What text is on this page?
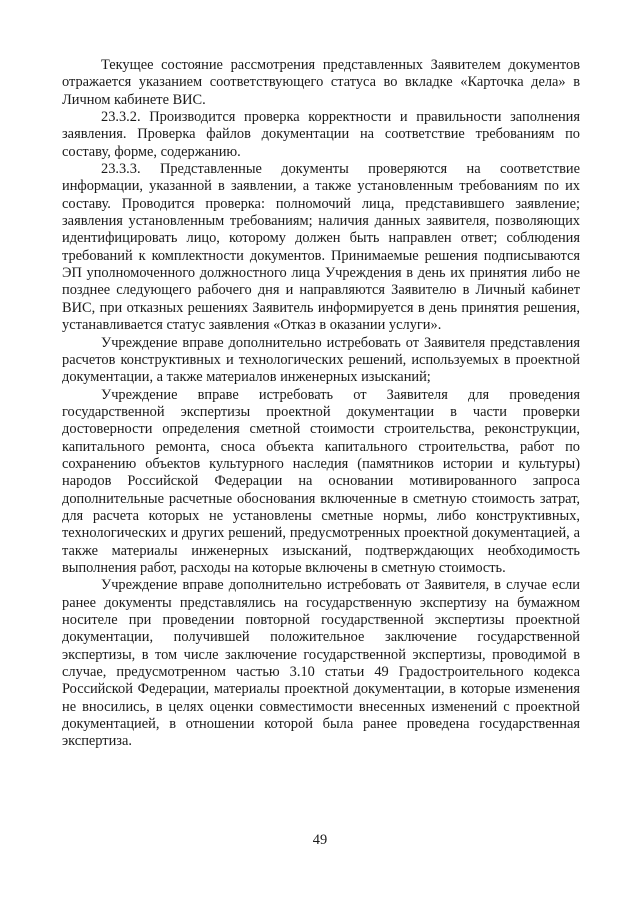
Текущее состояние рассмотрения представленных Заявителем документов отражается указанием соответствующего статуса во вкладке «Карточка дела» в Личном кабинете ВИС.

23.3.2. Производится проверка корректности и правильности заполнения заявления. Проверка файлов документации на соответствие требованиям по составу, форме, содержанию.

23.3.3. Представленные документы проверяются на соответствие информации, указанной в заявлении, а также установленным требованиям по их составу. Проводится проверка: полномочий лица, представившего заявление; заявления установленным требованиям; наличия данных заявителя, позволяющих идентифицировать лицо, которому должен быть направлен ответ; соблюдения требований к комплектности документов. Принимаемые решения подписываются ЭП уполномоченного должностного лица Учреждения в день их принятия либо не позднее следующего рабочего дня и направляются Заявителю в Личный кабинет ВИС, при отказных решениях Заявитель информируется в день принятия решения, устанавливается статус заявления «Отказ в оказании услуги».

Учреждение вправе дополнительно истребовать от Заявителя представления расчетов конструктивных и технологических решений, используемых в проектной документации, а также материалов инженерных изысканий;

Учреждение вправе истребовать от Заявителя для проведения государственной экспертизы проектной документации в части проверки достоверности определения сметной стоимости строительства, реконструкции, капитального ремонта, сноса объекта капитального строительства, работ по сохранению объектов культурного наследия (памятников истории и культуры) народов Российской Федерации на основании мотивированного запроса дополнительные расчетные обоснования включенные в сметную стоимость затрат, для расчета которых не установлены сметные нормы, либо конструктивных, технологических и других решений, предусмотренных проектной документацией, а также материалы инженерных изысканий, подтверждающих необходимость выполнения работ, расходы на которые включены в сметную стоимость.

Учреждение вправе дополнительно истребовать от Заявителя, в случае если ранее документы представлялись на государственную экспертизу на бумажном носителе при проведении повторной государственной экспертизы проектной документации, получившей положительное заключение государственной экспертизы, в том числе заключение государственной экспертизы, проводимой в случае, предусмотренном частью 3.10 статьи 49 Градостроительного кодекса Российской Федерации, материалы проектной документации, в которые изменения не вносились, в целях оценки совместимости внесенных изменений с проектной документацией, в отношении которой была ранее проведена государственная экспертиза.

49
